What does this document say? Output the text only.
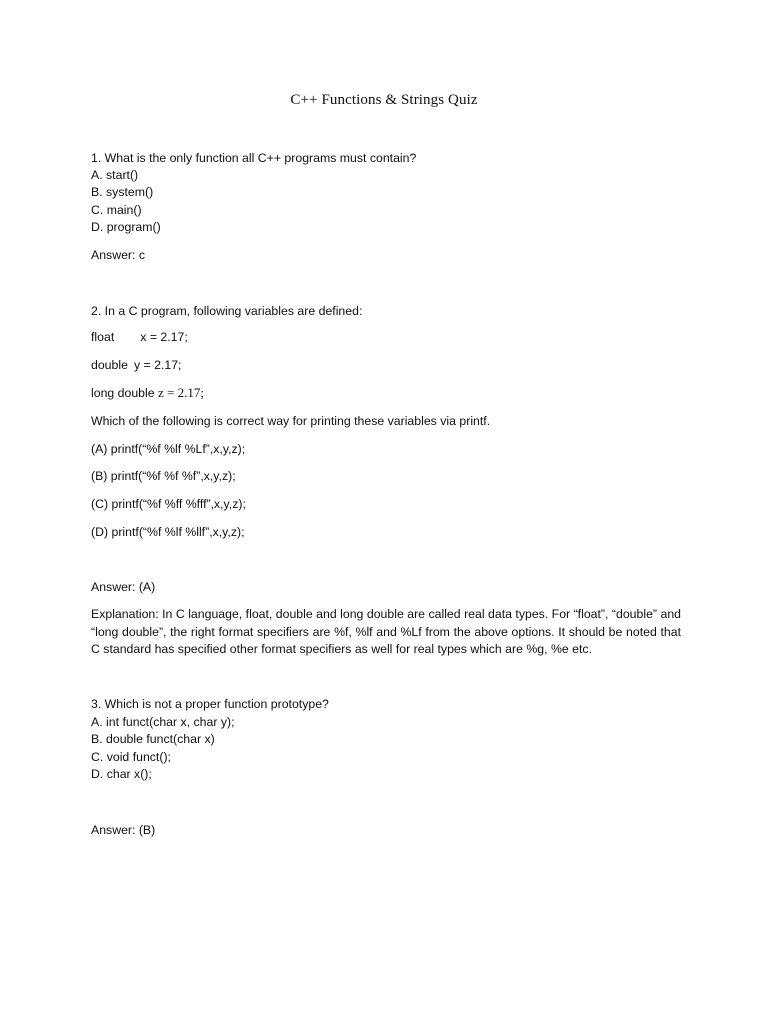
C++ Functions & Strings Quiz
1. What is the only function all C++ programs must contain?
A. start()
B. system()
C. main()
D. program()
Answer: c
2. In a C program, following variables are defined:
float x = 2.17;
double y = 2.17;
long double z = 2.17;
Which of the following is correct way for printing these variables via printf.
(A) printf(“%f %lf %Lf”,x,y,z);
(B) printf(“%f %f %f”,x,y,z);
(C) printf(“%f %ff %fff”,x,y,z);
(D) printf(“%f %lf %llf”,x,y,z);
Answer: (A)
Explanation: In C language, float, double and long double are called real data types. For “float”, “double” and “long double”, the right format specifiers are %f, %lf and %Lf from the above options. It should be noted that C standard has specified other format specifiers as well for real types which are %g, %e etc.
3. Which is not a proper function prototype?
A. int funct(char x, char y);
B. double funct(char x)
C. void funct();
D. char x();
Answer: (B)
